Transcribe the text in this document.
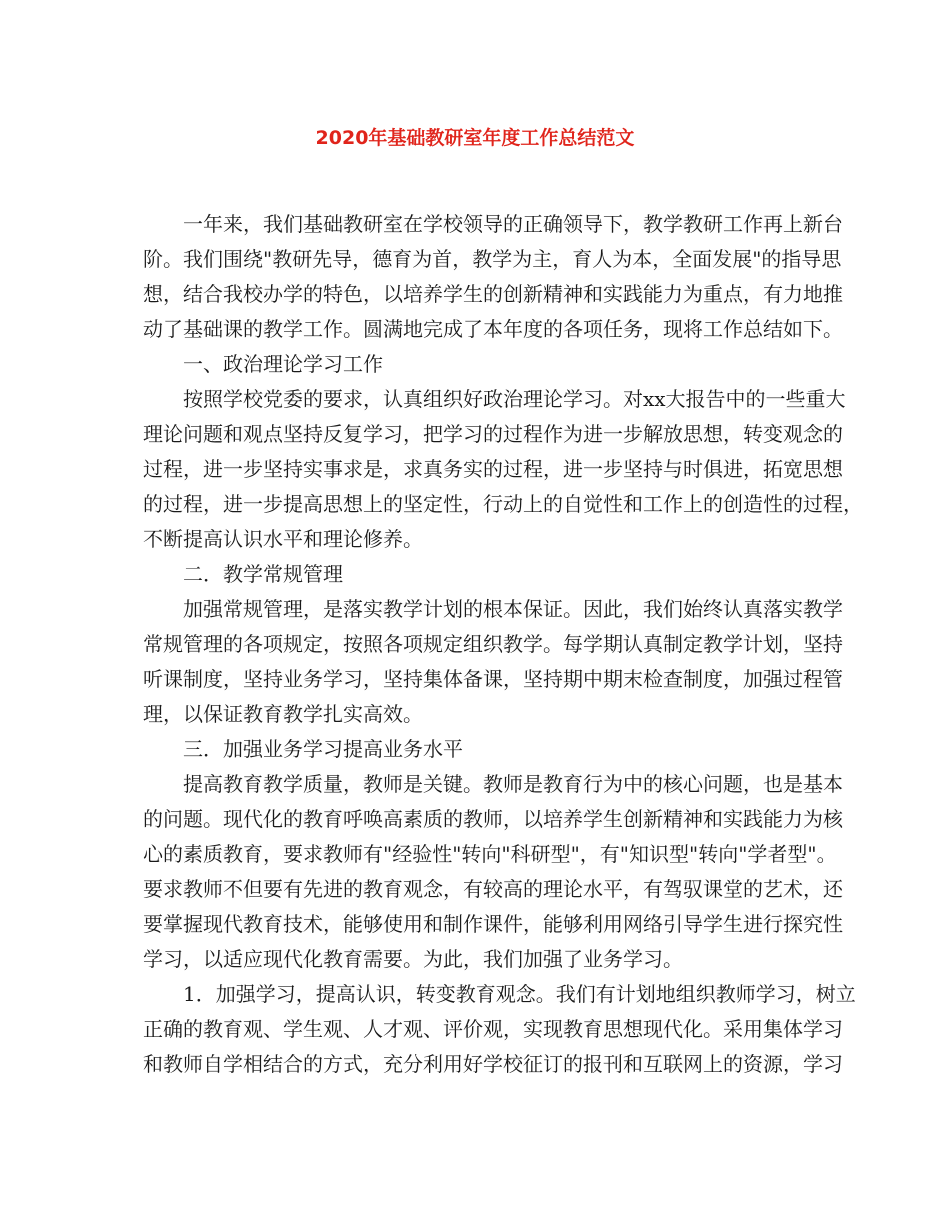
2020年基础教研室年度工作总结范文
一年来，我们基础教研室在学校领导的正确领导下，教学教研工作再上新台
阶。我们围绕"教研先导，德育为首，教学为主，育人为本，全面发展"的指导思
想，结合我校办学的特色，以培养学生的创新精神和实践能力为重点，有力地推
动了基础课的教学工作。圆满地完成了本年度的各项任务，现将工作总结如下。
一、政治理论学习工作
按照学校党委的要求，认真组织好政治理论学习。对xx大报告中的一些重大
理论问题和观点坚持反复学习，把学习的过程作为进一步解放思想，转变观念的
过程，进一步坚持实事求是，求真务实的过程，进一步坚持与时俱进，拓宽思想
的过程，进一步提高思想上的坚定性，行动上的自觉性和工作上的创造性的过程，
不断提高认识水平和理论修养。
二．教学常规管理
加强常规管理，是落实教学计划的根本保证。因此，我们始终认真落实教学
常规管理的各项规定，按照各项规定组织教学。每学期认真制定教学计划，坚持
听课制度，坚持业务学习，坚持集体备课，坚持期中期末检查制度，加强过程管
理，以保证教育教学扎实高效。
三．加强业务学习提高业务水平
提高教育教学质量，教师是关键。教师是教育行为中的核心问题，也是基本
的问题。现代化的教育呼唤高素质的教师，以培养学生创新精神和实践能力为核
心的素质教育，要求教师有"经验性"转向"科研型"，有"知识型"转向"学者型"。
要求教师不但要有先进的教育观念，有较高的理论水平，有驾驭课堂的艺术，还
要掌握现代教育技术，能够使用和制作课件，能够利用网络引导学生进行探究性
学习，以适应现代化教育需要。为此，我们加强了业务学习。
1．加强学习，提高认识，转变教育观念。我们有计划地组织教师学习，树立
正确的教育观、学生观、人才观、评价观，实现教育思想现代化。采用集体学习
和教师自学相结合的方式，充分利用好学校征订的报刊和互联网上的资源，学习
